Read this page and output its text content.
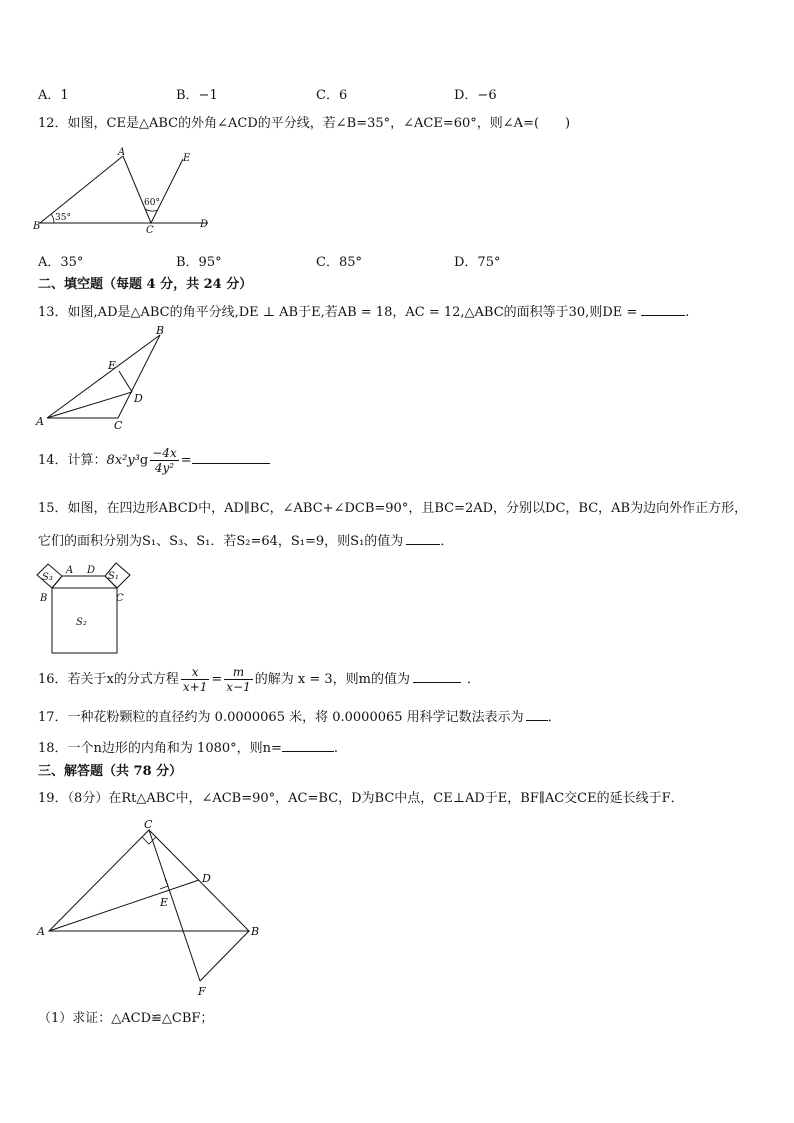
A．1	B．−1	C．6	D．−6
12．如图，CE是△ABC的外角∠ACD的平分线，若∠B=35°，∠ACE=60°，则∠A=(　　)
A
B	C
D
E
35°
60°
A．35°	B．95°	C．85°	D．75°
二、填空题（每题 4 分，共 24 分）
13．如图,AD是△ABC的角平分线,DE ⊥ AB于E,若AB = 18，AC = 12,△ABC的面积等于30,则DE =	.
B
E
D
A	C
14．计算：$8x^2y^3g \frac{-4x}{\text{4y²}}$ =
15．如图，在四边形ABCD中，AD∥BC，∠ABC+∠DCB=90°，且BC=2AD，分别以DC，BC，AB为边向外作正方形，
它们的面积分别为S₁、S₃、S₁．若S₂=64，S₁=9，则S₁的值为	．
S₃	S₁
S₂
A D
B	C
16．若关于x的分式方程 $\frac{x}{x+1} = \frac{m}{x-1}$ 的解为 x = 3，则m的值为	．
17．一种花粉颗粒的直径约为 0.0000065 米，将 0.0000065 用科学记数法表示为 ．
18．一个n边形的内角和为 1080°，则n=	.
三、解答题（共 78 分）
19．（8分）在Rt△ABC中，∠ACB=90°，AC=BC，D为BC中点，CE⊥AD于E，BF∥AC交CE的延长线于F．
C
D
E
A	B
F
（1）求证：△ACD≌△CBF；
